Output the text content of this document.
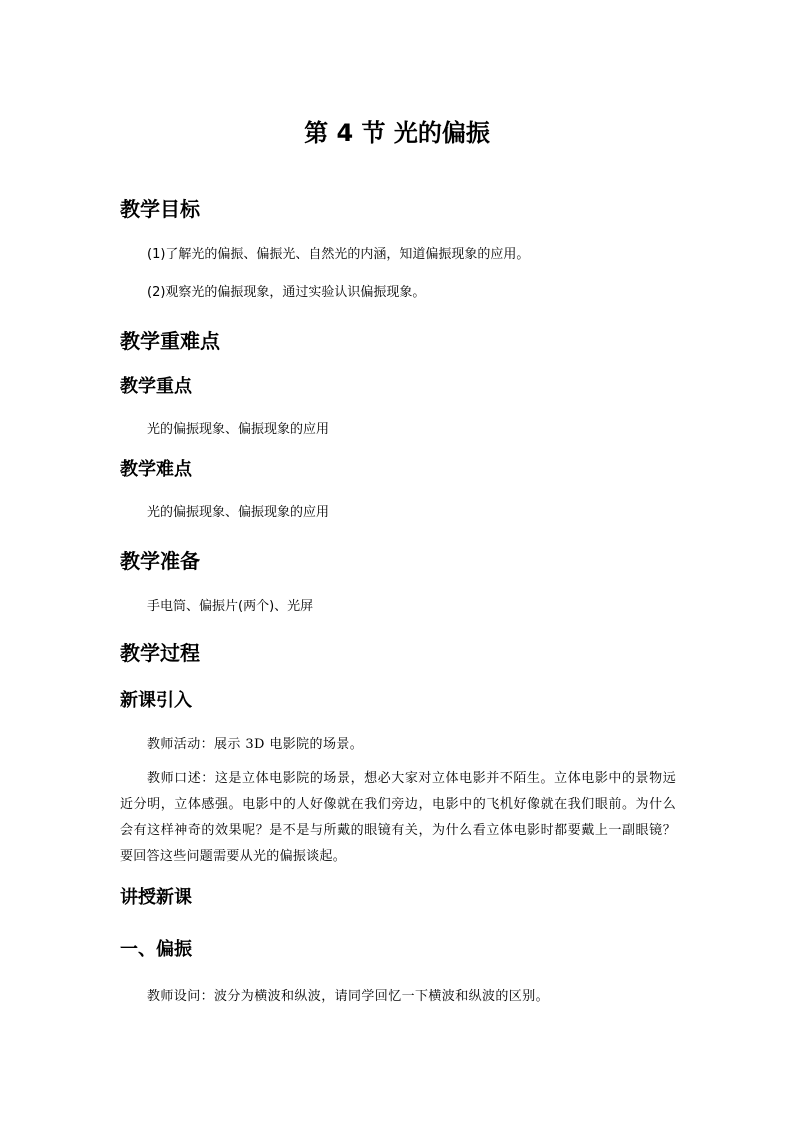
第 4 节 光的偏振
教学目标

(1)了解光的偏振、偏振光、自然光的内涵，知道偏振现象的应用。

(2)观察光的偏振现象，通过实验认识偏振现象。

教学重难点
教学重点

光的偏振现象、偏振现象的应用

教学难点

光的偏振现象、偏振现象的应用

教学准备

手电筒、偏振片(两个)、光屏

教学过程
新课引入

教师活动：展示 3D 电影院的场景。

教师口述：这是立体电影院的场景，想必大家对立体电影并不陌生。立体电影中的景物远近分明，立体感强。电影中的人好像就在我们旁边，电影中的飞机好像就在我们眼前。为什么会有这样神奇的效果呢？是不是与所戴的眼镜有关，为什么看立体电影时都要戴上一副眼镜？要回答这些问题需要从光的偏振谈起。

讲授新课
一、偏振

教师设问：波分为横波和纵波，请同学回忆一下横波和纵波的区别。
